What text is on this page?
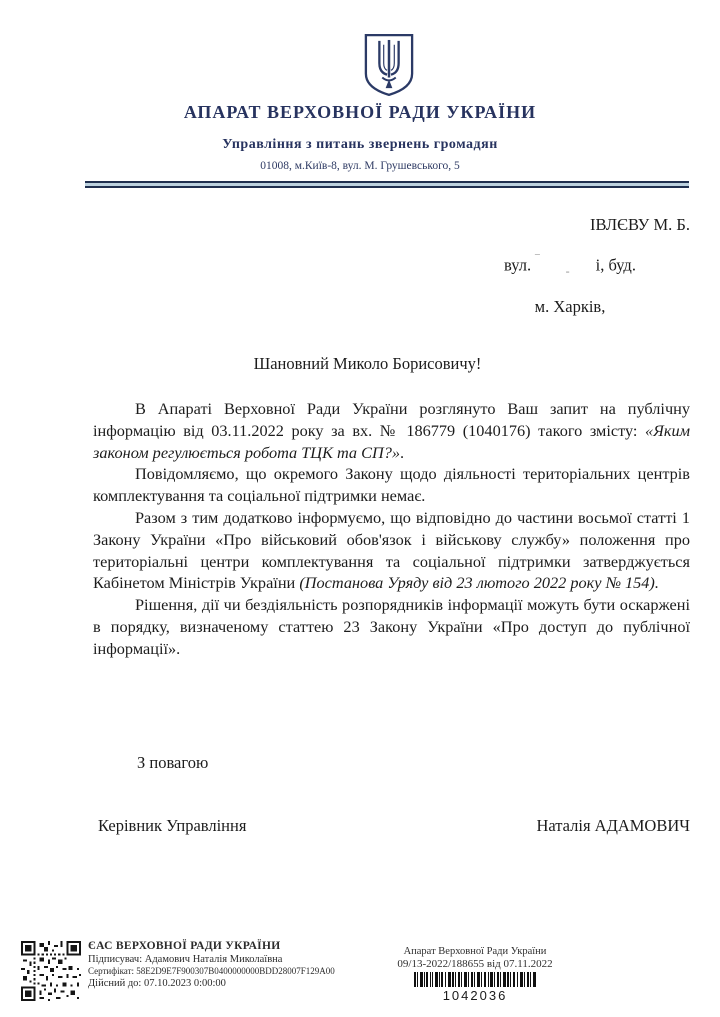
АПАРАТ ВЕРХОВНОЇ РАДИ УКРАЇНИ
Управління з питань звернень громадян
01008, м.Київ-8, вул. М. Грушевського, 5
ІВЛЄВУ М. Б.
вул. ‾$_-$ і, буд.
м. Харків,
Шановний Миколо Борисовичу!

В Апараті Верховної Ради України розглянуто Ваш запит на публічну інформацію від 03.11.2022 року за вх. № 186779 (1040176) такого змісту: «Яким законом регулюється робота ТЦК та СП?».

Повідомляємо, що окремого Закону щодо діяльності територіальних центрів комплектування та соціальної підтримки немає.

Разом з тим додатково інформуємо, що відповідно до частини восьмої статті 1 Закону України «Про військовий обов'язок і військову службу» положення про територіальні центри комплектування та соціальної підтримки затверджується Кабінетом Міністрів України (Постанова Уряду від 23 лютого 2022 року № 154).

Рішення, дії чи бездіяльність розпорядників інформації можуть бути оскаржені в порядку, визначеному статтею 23 Закону України «Про доступ до публічної інформації».

З повагою
Керівник Управління	Наталія АДАМОВИЧ
ЄАС ВЕРХОВНОЇ РАДИ УКРАЇНИ
Підписувач: Адамович Наталія Миколаївна
Сертифікат: 58E2D9E7F900307B0400000000BDD28007F129A00
Дійсний до: 07.10.2023 0:00:00
Апарат Верховної Ради України
09/13-2022/188655 від 07.11.2022
1042036
